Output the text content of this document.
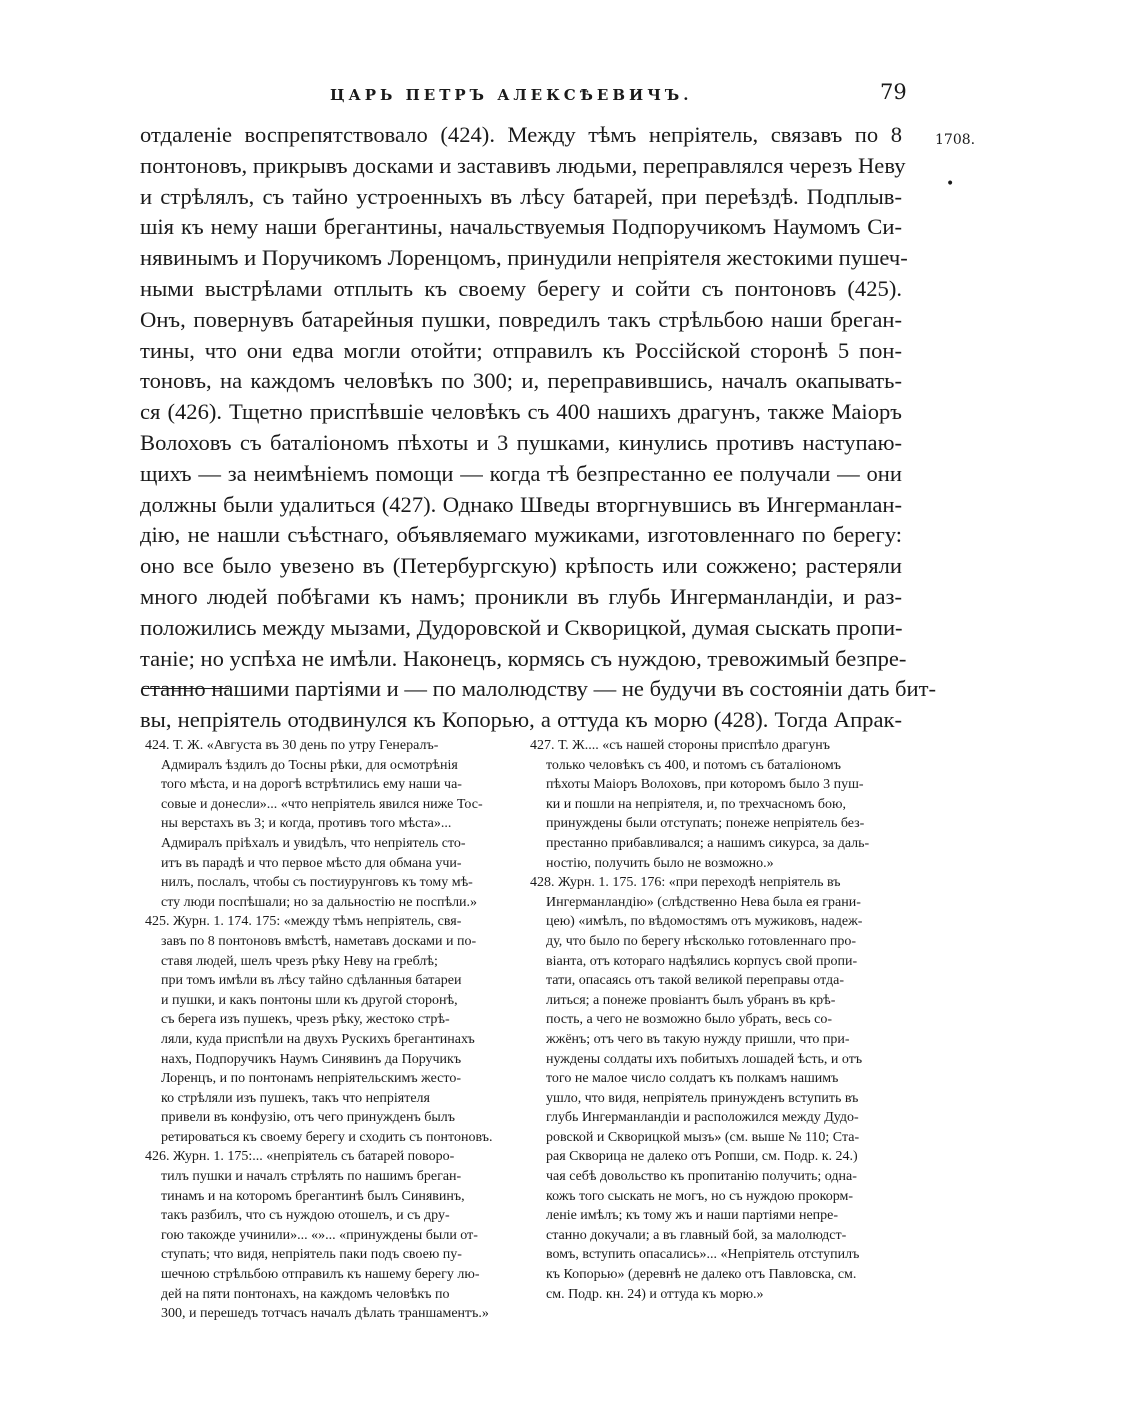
ЦАРЬ ПЕТРЪ АЛЕКСѢЕВИЧЪ.	79
1708.
•
отдаленіе воспрепятствовало (424). Между тѣмъ непріятель, связавъ по 8
понтоновъ, прикрывъ досками и заставивъ людьми, переправлялся черезъ Неву
и стрѣлялъ, съ тайно устроенныхъ въ лѣсу батарей, при переѣздѣ. Подплыв-
шія къ нему наши брегантины, начальствуемыя Подпоручикомъ Наумомъ Си-
нявинымъ и Поручикомъ Лоренцомъ, принудили непріятеля жестокими пушеч-
ными выстрѣлами отплыть къ своему берегу и сойти съ понтоновъ (425).
Онъ, повернувъ батарейныя пушки, повредилъ такъ стрѣльбою наши бреган-
тины, что они едва могли отойти; отправилъ къ Россійской сторонѣ 5 пон-
тоновъ, на каждомъ человѣкъ по 300; и, переправившись, началъ окапывать-
ся (426). Тщетно приспѣвшіе человѣкъ съ 400 нашихъ драгунъ, также Маіоръ
Волоховъ съ баталіономъ пѣхоты и 3 пушками, кинулись противъ наступаю-
щихъ — за неимѣніемъ помощи — когда тѣ безпрестанно ее получали — они
должны были удалиться (427). Однако Шведы вторгнувшись въ Ингерманлан-
дію, не нашли съѣстнаго, объявляемаго мужиками, изготовленнаго по берегу:
оно все было увезено въ (Петербургскую) крѣпость или сожжено; растеряли
много людей побѣгами къ намъ; проникли въ глубь Ингерманландіи, и раз-
положились между мызами, Дудоровской и Скворицкой, думая сыскать пропи-
таніе; но успѣха не имѣли. Наконецъ, кормясь съ нуждою, тревожимый безпре-
станно нашими партіями и — по малолюдству — не будучи въ состояніи дать бит-
вы, непріятель отодвинулся къ Копорью, а оттуда къ морю (428). Тогда Апрак-
424. Т. Ж. «Августа въ 30 день по утру Генералъ-
Адмиралъ ѣздилъ до Тосны рѣки, для осмотрѣнія
того мѣста, и на дорогѣ встрѣтились ему наши ча-
совые и донесли»... «что непріятель явился ниже Тос-
ны верстахъ въ 3; и когда, противъ того мѣста»...
Адмиралъ пріѣхалъ и увидѣлъ, что непріятель сто-
итъ въ парадѣ и что первое мѣсто для обмана учи-
нилъ, послалъ, чтобы съ постиурунговъ къ тому мѣ-
сту люди поспѣшали; но за дальностію не поспѣли.»
425. Журн. 1. 174. 175: «между тѣмъ непріятель, свя-
завъ по 8 понтоновъ вмѣстѣ, наметавъ досками и по-
ставя людей, шелъ чрезъ рѣку Неву на греблѣ;
при томъ имѣли въ лѣсу тайно сдѣланныя батареи
и пушки, и какъ понтоны шли къ другой сторонѣ,
съ берега изъ пушекъ, чрезъ рѣку, жестоко стрѣ-
ляли, куда приспѣли на двухъ Рускихъ брегантинахъ
нахъ, Подпоручикъ Наумъ Синявинъ да Поручикъ
Лоренцъ, и по понтонамъ непріятельскимъ жесто-
ко стрѣляли изъ пушекъ, такъ что непріятеля
привели въ конфузію, отъ чего принужденъ былъ
ретироваться къ своему берегу и сходить съ понтоновъ.
426. Журн. 1. 175:... «непріятель съ батарей поворо-
тилъ пушки и началъ стрѣлять по нашимъ бреган-
тинамъ и на которомъ брегантинѣ былъ Синявинъ,
такъ разбилъ, что съ нуждою отошелъ, и съ дру-
гою такожде учинили»... «»... «принуждены были от-
ступать; что видя, непріятель паки подъ своею пу-
шечною стрѣльбою отправилъ къ нашему берегу лю-
дей на пяти понтонахъ, на каждомъ человѣкъ по
300, и перешедъ тотчасъ началъ дѣлать траншаментъ.»
427. Т. Ж.... «съ нашей стороны приспѣло драгунъ
только человѣкъ съ 400, и потомъ съ баталіономъ
пѣхоты Маіоръ Волоховъ, при которомъ было 3 пуш-
ки и пошли на непріятеля, и, по трехчасномъ бою,
принуждены были отступать; понеже непріятель без-
престанно прибавливался; а нашимъ сикурса, за даль-
ностію, получить было не возможно.»
428. Журн. 1. 175. 176: «при переходѣ непріятель въ
Ингерманландію» (слѣдственно Нева была ея грани-
цею) «имѣлъ, по вѣдомостямъ отъ мужиковъ, надеж-
ду, что было по берегу нѣсколько готовленнаго про-
віанта, отъ котораго надѣялись корпусъ свой пропи-
тати, опасаясь отъ такой великой переправы отда-
литься; а понеже провіантъ былъ убранъ въ крѣ-
пость, а чего не возможно было убрать, весь со-
жжёнъ; отъ чего въ такую нужду пришли, что при-
нуждены солдаты ихъ побитыхъ лошадей ѣсть, и отъ
того не малое число солдатъ къ полкамъ нашимъ
ушло, что видя, непріятель принужденъ вступить въ
глубь Ингерманландіи и расположился между Дудо-
ровской и Скворицкой мызъ» (см. выше № 110; Ста-
рая Скворица не далеко отъ Ропши, см. Подр. к. 24.)
чая себѣ довольство къ пропитанію получить; одна-
кожъ того сыскать не могъ, но съ нуждою прокорм-
леніе имѣлъ; къ тому жъ и наши партіями непре-
станно докучали; а въ главный бой, за малолюдст-
вомъ, вступить опасались»... «Непріятель отступилъ
къ Копорью» (деревнѣ не далеко отъ Павловска, см.
см. Подр. кн. 24) и оттуда къ морю.»
